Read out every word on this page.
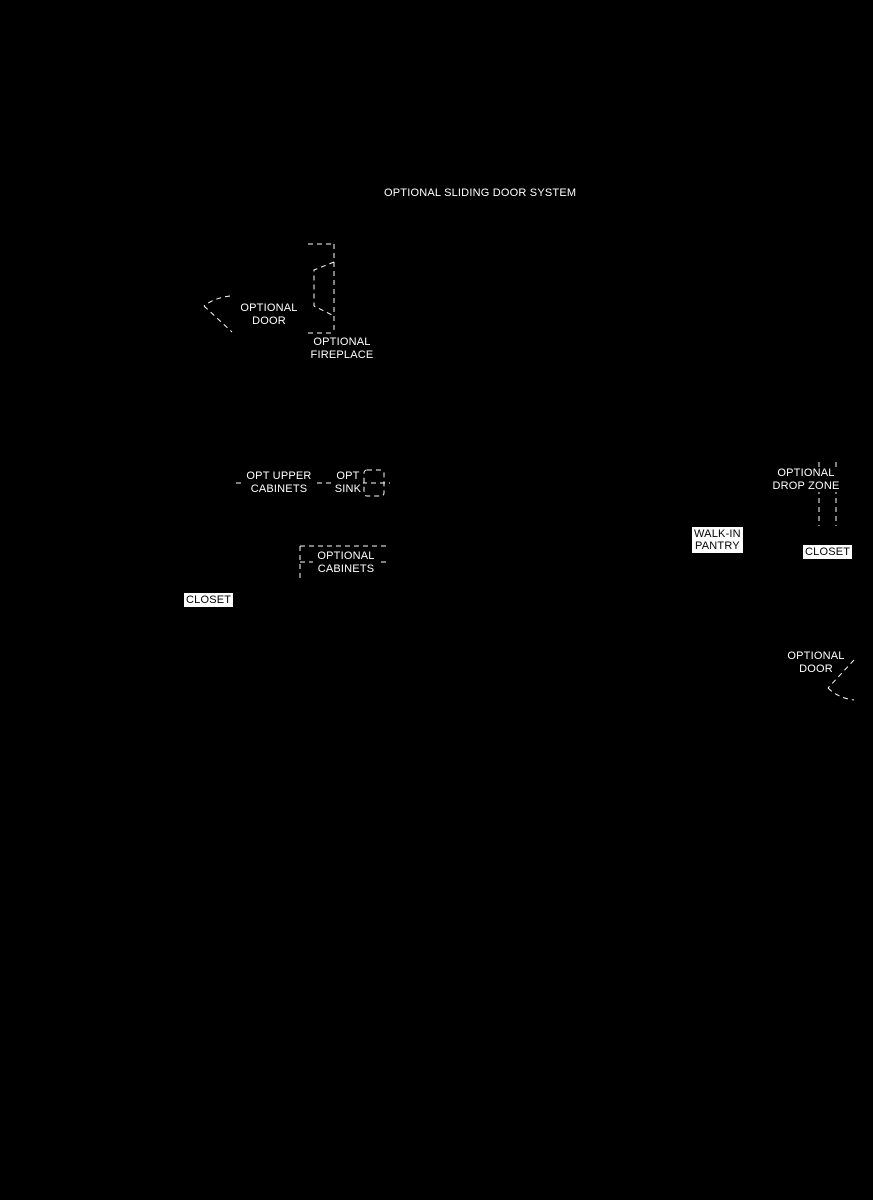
OPTIONAL SLIDING DOOR SYSTEM
OPTIONAL
DOOR
OPTIONAL
FIREPLACE
OPT UPPER
CABINETS
OPT
SINK
OPTIONAL
CABINETS
OPTIONAL
DROP ZONE
OPTIONAL
DOOR
CLOSET
CLOSET
WALK-IN
PANTRY
